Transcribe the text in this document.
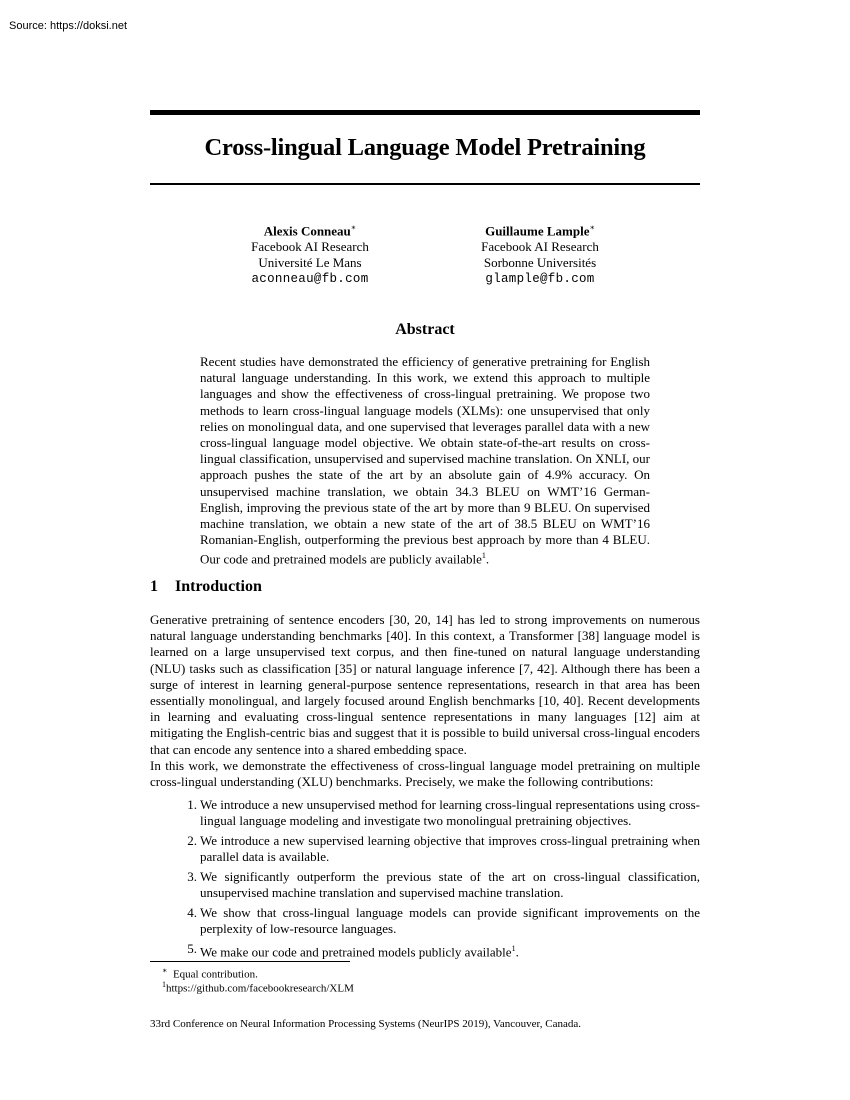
Source: https://doksi.net
Cross-lingual Language Model Pretraining
Alexis Conneau∗
Facebook AI Research
Université Le Mans
aconneau@fb.com
Guillaume Lample∗
Facebook AI Research
Sorbonne Universités
glample@fb.com
Abstract
Recent studies have demonstrated the efficiency of generative pretraining for English natural language understanding. In this work, we extend this approach to multiple languages and show the effectiveness of cross-lingual pretraining. We propose two methods to learn cross-lingual language models (XLMs): one unsupervised that only relies on monolingual data, and one supervised that leverages parallel data with a new cross-lingual language model objective. We obtain state-of-the-art results on cross-lingual classification, unsupervised and supervised machine translation. On XNLI, our approach pushes the state of the art by an absolute gain of 4.9% accuracy. On unsupervised machine translation, we obtain 34.3 BLEU on WMT’16 German-English, improving the previous state of the art by more than 9 BLEU. On supervised machine translation, we obtain a new state of the art of 38.5 BLEU on WMT’16 Romanian-English, outperforming the previous best approach by more than 4 BLEU. Our code and pretrained models are publicly available$^1$.
1 Introduction
Generative pretraining of sentence encoders [30, 20, 14] has led to strong improvements on numerous natural language understanding benchmarks [40]. In this context, a Transformer [38] language model is learned on a large unsupervised text corpus, and then fine-tuned on natural language understanding (NLU) tasks such as classification [35] or natural language inference [7, 42]. Although there has been a surge of interest in learning general-purpose sentence representations, research in that area has been essentially monolingual, and largely focused around English benchmarks [10, 40]. Recent developments in learning and evaluating cross-lingual sentence representations in many languages [12] aim at mitigating the English-centric bias and suggest that it is possible to build universal cross-lingual encoders that can encode any sentence into a shared embedding space.
In this work, we demonstrate the effectiveness of cross-lingual language model pretraining on multiple cross-lingual understanding (XLU) benchmarks. Precisely, we make the following contributions:
1. We introduce a new unsupervised method for learning cross-lingual representations using cross-lingual language modeling and investigate two monolingual pretraining objectives.
2. We introduce a new supervised learning objective that improves cross-lingual pretraining when parallel data is available.
3. We significantly outperform the previous state of the art on cross-lingual classification, unsupervised machine translation and supervised machine translation.
4. We show that cross-lingual language models can provide significant improvements on the perplexity of low-resource languages.
5. We make our code and pretrained models publicly available$^1$.
∗ Equal contribution.
$^1$https://github.com/facebookresearch/XLM
33rd Conference on Neural Information Processing Systems (NeurIPS 2019), Vancouver, Canada.
